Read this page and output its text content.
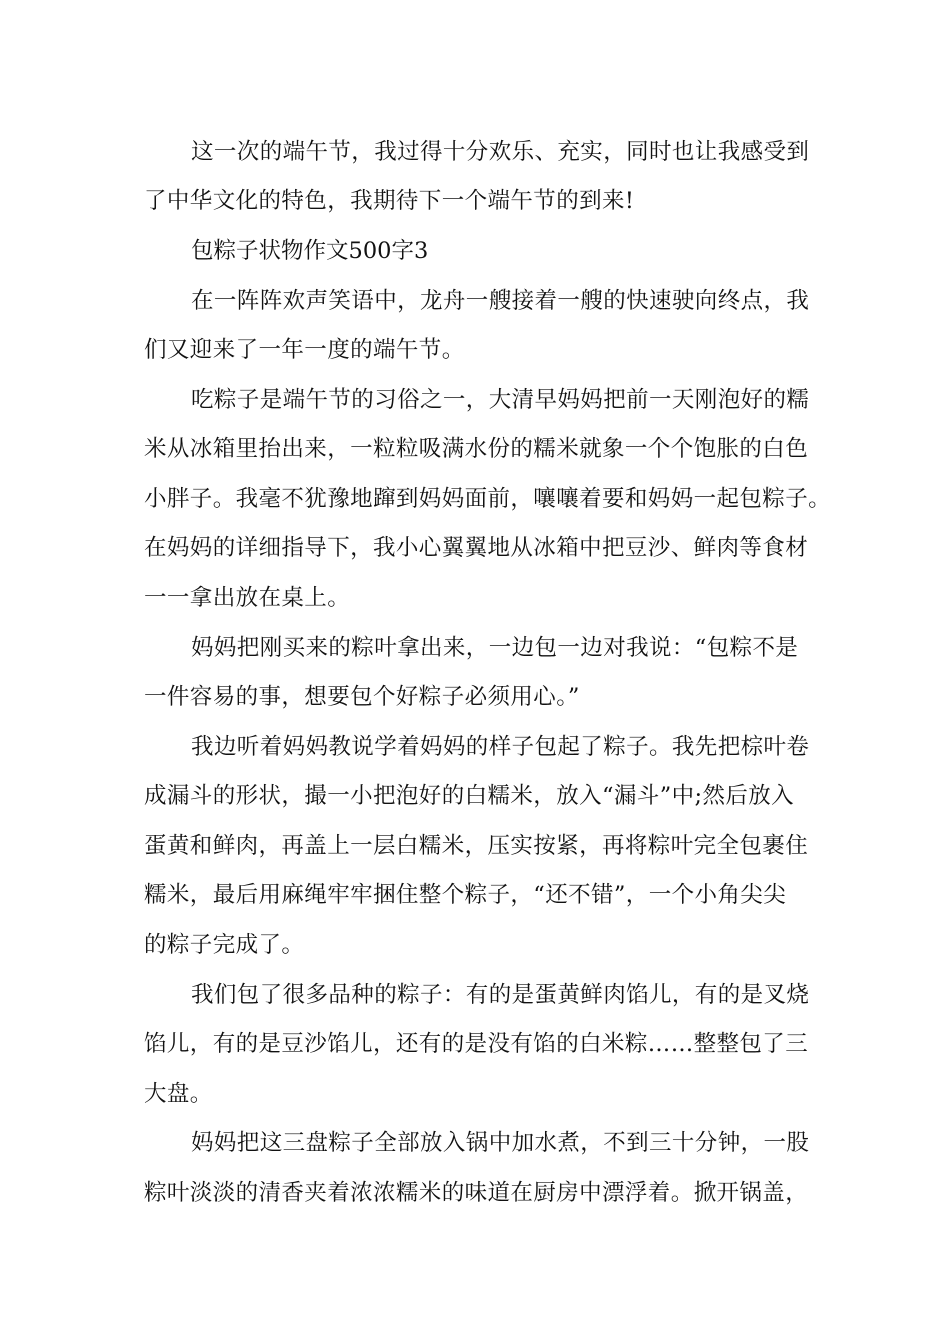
这一次的端午节，我过得十分欢乐、充实，同时也让我感受到
了中华文化的特色，我期待下一个端午节的到来!
包粽子状物作文500字3
在一阵阵欢声笑语中，龙舟一艘接着一艘的快速驶向终点，我
们又迎来了一年一度的端午节。
吃粽子是端午节的习俗之一，大清早妈妈把前一天刚泡好的糯
米从冰箱里抬出来，一粒粒吸满水份的糯米就象一个个饱胀的白色
小胖子。我毫不犹豫地蹿到妈妈面前，嚷嚷着要和妈妈一起包粽子。
在妈妈的详细指导下，我小心翼翼地从冰箱中把豆沙、鲜肉等食材
一一拿出放在桌上。
妈妈把刚买来的粽叶拿出来，一边包一边对我说：“包粽不是
一件容易的事，想要包个好粽子必须用心。”
我边听着妈妈教说学着妈妈的样子包起了粽子。我先把棕叶卷
成漏斗的形状，撮一小把泡好的白糯米，放入“漏斗”中;然后放入
蛋黄和鲜肉，再盖上一层白糯米，压实按紧，再将粽叶完全包裹住
糯米，最后用麻绳牢牢捆住整个粽子，“还不错”，一个小角尖尖
的粽子完成了。
我们包了很多品种的粽子：有的是蛋黄鲜肉馅儿，有的是叉烧
馅儿，有的是豆沙馅儿，还有的是没有馅的白米粽……整整包了三
大盘。
妈妈把这三盘粽子全部放入锅中加水煮，不到三十分钟，一股
粽叶淡淡的清香夹着浓浓糯米的味道在厨房中漂浮着。掀开锅盖，
